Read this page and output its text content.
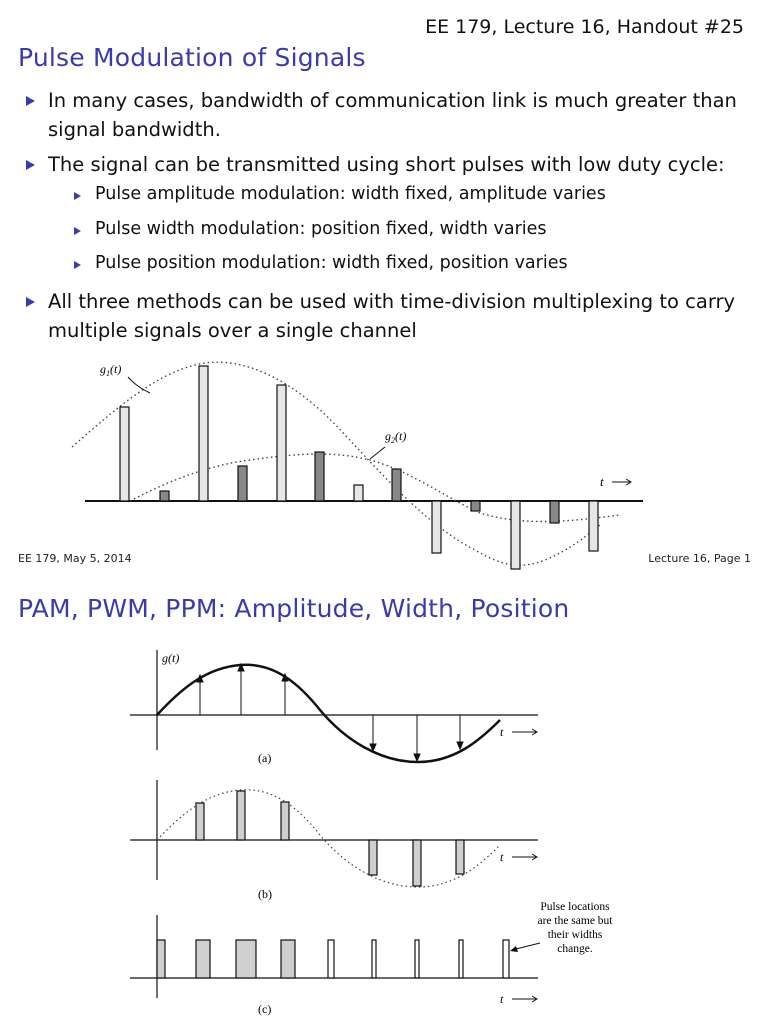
EE 179, Lecture 16, Handout #25
Pulse Modulation of Signals
In many cases, bandwidth of communication link is much greater than
signal bandwidth.
The signal can be transmitted using short pulses with low duty cycle:
Pulse amplitude modulation: width fixed, amplitude varies
Pulse width modulation: position fixed, width varies
Pulse position modulation: width fixed, position varies
All three methods can be used with time-division multiplexing to carry
multiple signals over a single channel
$g_1(t)$
$g_2(t)$
t
EE 179, May 5, 2014	Lecture 16, Page 1
PAM, PWM, PPM: Amplitude, Width, Position
g(t)
t
(a)
t
(b)
t
(c)
Pulse locations
are the same but
their widths
change.
